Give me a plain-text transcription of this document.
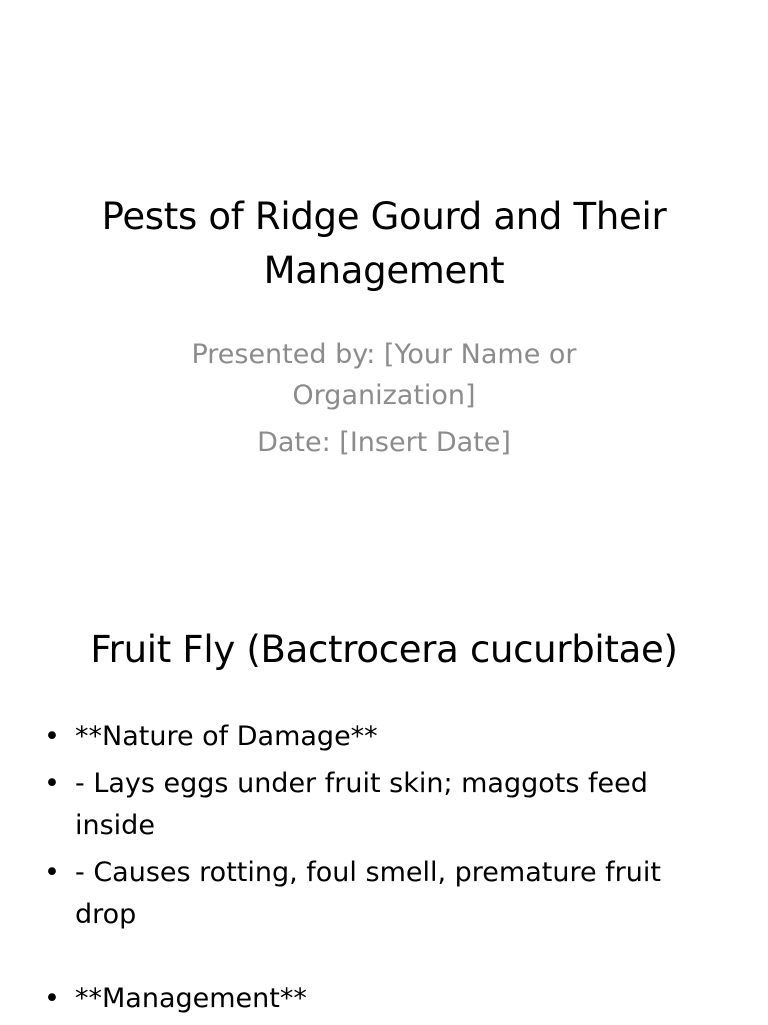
Pests of Ridge Gourd and Their Management

Presented by: [Your Name or Organization]

Date: [Insert Date]

Fruit Fly (Bactrocera cucurbitae)
• **Nature of Damage**
• - Lays eggs under fruit skin; maggots feed inside
• - Causes rotting, foul smell, premature fruit drop
• **Management**
